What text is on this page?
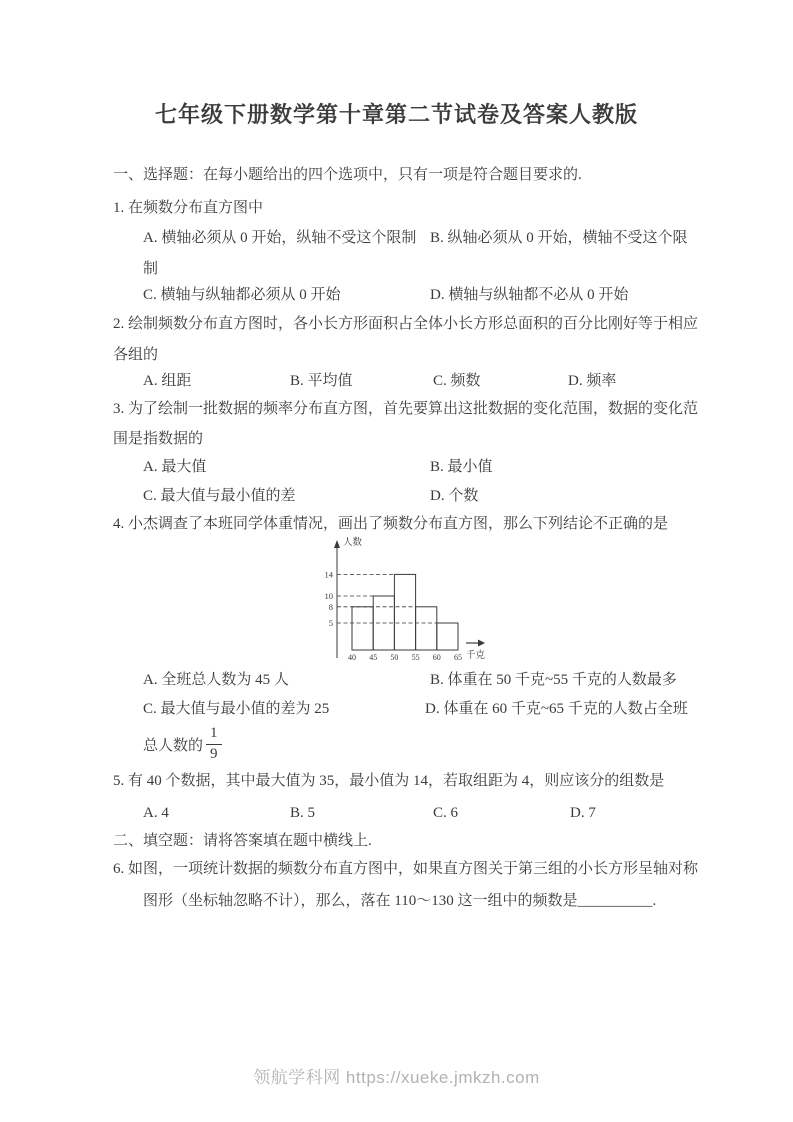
七年级下册数学第十章第二节试卷及答案人教版
一、选择题：在每小题给出的四个选项中，只有一项是符合题目要求的.
1. 在频数分布直方图中
A. 横轴必须从 0 开始，纵轴不受这个限制 B. 纵轴必须从 0 开始，横轴不受这个限
制
C. 横轴与纵轴都必须从 0 开始	D. 横轴与纵轴都不必从 0 开始
2. 绘制频数分布直方图时，各小长方形面积占全体小长方形总面积的百分比刚好等于相应
各组的
A. 组距	B. 平均值	C. 频数	D. 频率
3. 为了绘制一批数据的频率分布直方图，首先要算出这批数据的变化范围，数据的变化范
围是指数据的
A. 最大值	B. 最小值
C. 最大值与最小值的差	D. 个数
4. 小杰调查了本班同学体重情况，画出了频数分布直方图，那么下列结论不正确的是
人数
14
10
8
5
40 45 50 55 60 65 千克
A. 全班总人数为 45 人	B. 体重在 50 千克~55 千克的人数最多
C. 最大值与最小值的差为 25	D. 体重在 60 千克~65 千克的人数占全班
总人数的 $\frac{1}{9}$
5. 有 40 个数据，其中最大值为 35，最小值为 14，若取组距为 4，则应该分的组数是
A. 4	B. 5	C. 6	D. 7
二、填空题：请将答案填在题中横线上.
6. 如图，一项统计数据的频数分布直方图中，如果直方图关于第三组的小长方形呈轴对称
图形（坐标轴忽略不计），那么，落在 110～130 这一组中的频数是__________.
领航学科网 https://xueke.jmkzh.com
